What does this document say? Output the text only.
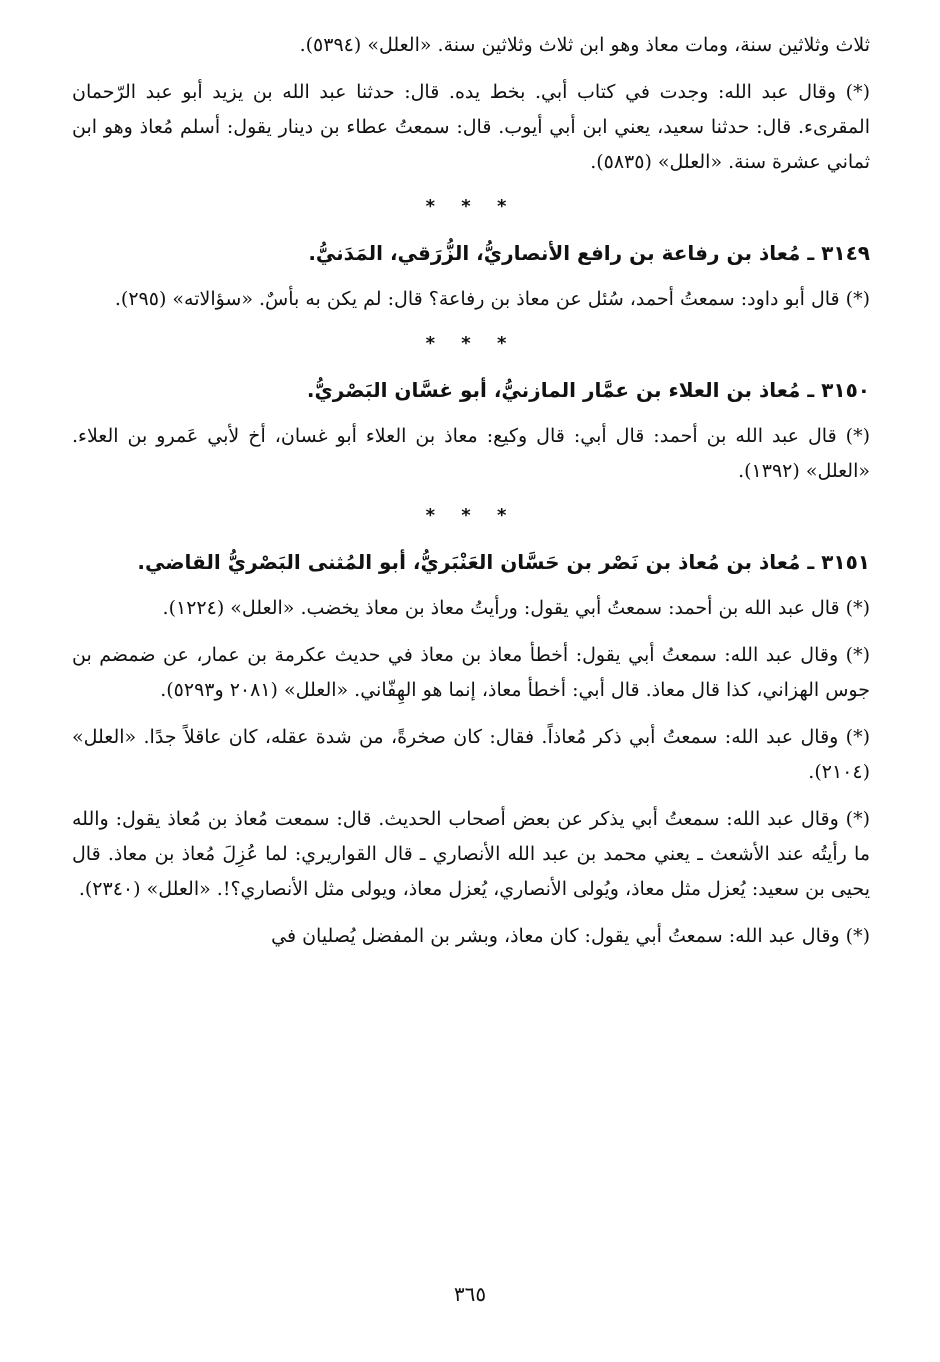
ثلاث وثلاثين سنة، ومات معاذ وهو ابن ثلاث وثلاثين سنة. «العلل» (٥٣٩٤).

(*) وقال عبد الله: وجدت في كتاب أبي. بخط يده. قال: حدثنا عبد الله بن يزيد أبو عبد الرّحمان المقرىء. قال: حدثنا سعيد، يعني ابن أبي أيوب. قال: سمعتُ عطاء بن دينار يقول: أسلم مُعاذ وهو ابن ثماني عشرة سنة. «العلل» (٥٨٣٥).

* * *
٣١٤٩ ـ مُعاذ بن رفاعة بن رافع الأنصاريُّ، الزُّرَقي، المَدَنيُّ.

(*) قال أبو داود: سمعتُ أحمد، سُئل عن معاذ بن رفاعة؟ قال: لم يكن به بأسٌ. «سؤالاته» (٢٩٥).

* * *
٣١٥٠ ـ مُعاذ بن العلاء بن عمَّار المازنيُّ، أبو غسَّان البَصْريُّ.

(*) قال عبد الله بن أحمد: قال أبي: قال وكيع: معاذ بن العلاء أبو غسان، أخ لأبي عَمرو بن العلاء. «العلل» (١٣٩٢).

* * *
٣١٥١ ـ مُعاذ بن مُعاذ بن نَصْر بن حَسَّان العَنْبَريُّ، أبو المُثنى البَصْريُّ القاضي.

(*) قال عبد الله بن أحمد: سمعتُ أبي يقول: ورأيتُ معاذ بن معاذ يخضب. «العلل» (١٢٢٤).

(*) وقال عبد الله: سمعتُ أبي يقول: أخطأ معاذ بن معاذ في حديث عكرمة بن عمار، عن ضمضم بن جوس الهزاني، كذا قال معاذ. قال أبي: أخطأ معاذ، إنما هو الهِفّاني. «العلل» (٢٠٨١ و٥٢٩٣).

(*) وقال عبد الله: سمعتُ أبي ذكر مُعاذاً. فقال: كان صخرةً، من شدة عقله، كان عاقلاً جدًا. «العلل» (٢١٠٤).

(*) وقال عبد الله: سمعتُ أبي يذكر عن بعض أصحاب الحديث. قال: سمعت مُعاذ بن مُعاذ يقول: والله ما رأيتُه عند الأشعث ـ يعني محمد بن عبد الله الأنصاري ـ قال القواريري: لما عُزِلَ مُعاذ بن معاذ. قال يحيى بن سعيد: يُعزل مثل معاذ، ويُولى الأنصاري، يُعزل معاذ، ويولى مثل الأنصاري؟!. «العلل» (٢٣٤٠).

(*) وقال عبد الله: سمعتُ أبي يقول: كان معاذ، وبشر بن المفضل يُصليان في

٣٦٥
